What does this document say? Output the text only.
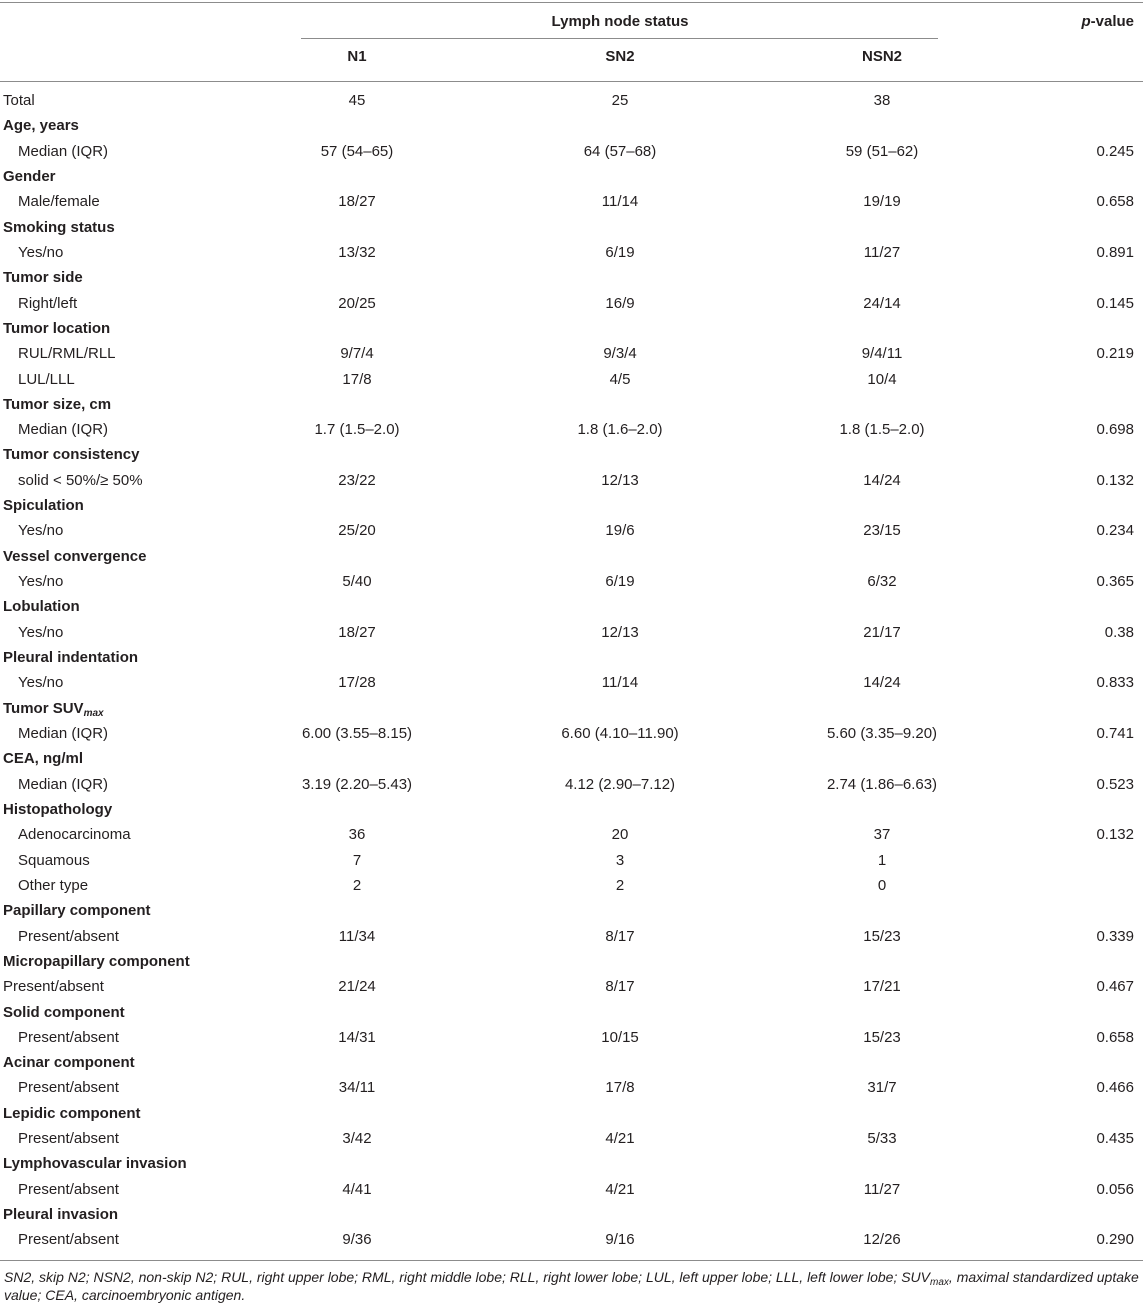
Lymph node status	p-value
N1	SN2	NSN2
Total	45	25	38
Age, years
Median (IQR)	57 (54–65)	64 (57–68)	59 (51–62)	0.245
Gender
Male/female	18/27	11/14	19/19	0.658
Smoking status
Yes/no	13/32	6/19	11/27	0.891
Tumor side
Right/left	20/25	16/9	24/14	0.145
Tumor location
RUL/RML/RLL	9/7/4	9/3/4	9/4/11	0.219
LUL/LLL	17/8	4/5	10/4
Tumor size, cm
Median (IQR)	1.7 (1.5–2.0)	1.8 (1.6–2.0)	1.8 (1.5–2.0)	0.698
Tumor consistency
solid < 50%/≥ 50%	23/22	12/13	14/24	0.132
Spiculation
Yes/no	25/20	19/6	23/15	0.234
Vessel convergence
Yes/no	5/40	6/19	6/32	0.365
Lobulation
Yes/no	18/27	12/13	21/17	0.38
Pleural indentation
Yes/no	17/28	11/14	14/24	0.833
Tumor $SUV_{max}$
Median (IQR)	6.00 (3.55–8.15)	6.60 (4.10–11.90)	5.60 (3.35–9.20)	0.741
CEA, ng/ml
Median (IQR)	3.19 (2.20–5.43)	4.12 (2.90–7.12)	2.74 (1.86–6.63)	0.523
Histopathology
Adenocarcinoma	36	20	37	0.132
Squamous	7	3	1
Other type	2	2	0
Papillary component
Present/absent	11/34	8/17	15/23	0.339
Micropapillary component
Present/absent	21/24	8/17	17/21	0.467
Solid component
Present/absent	14/31	10/15	15/23	0.658
Acinar component
Present/absent	34/11	17/8	31/7	0.466
Lepidic component
Present/absent	3/42	4/21	5/33	0.435
Lymphovascular invasion
Present/absent	4/41	4/21	11/27	0.056
Pleural invasion
Present/absent	9/36	9/16	12/26	0.290
SN2, skip N2; NSN2, non-skip N2; RUL, right upper lobe; RML, right middle lobe; RLL, right lower lobe; LUL, left upper lobe; LLL, left lower lobe; $SUV_{max}$, maximal standardized uptake value; CEA, carcinoembryonic antigen.
